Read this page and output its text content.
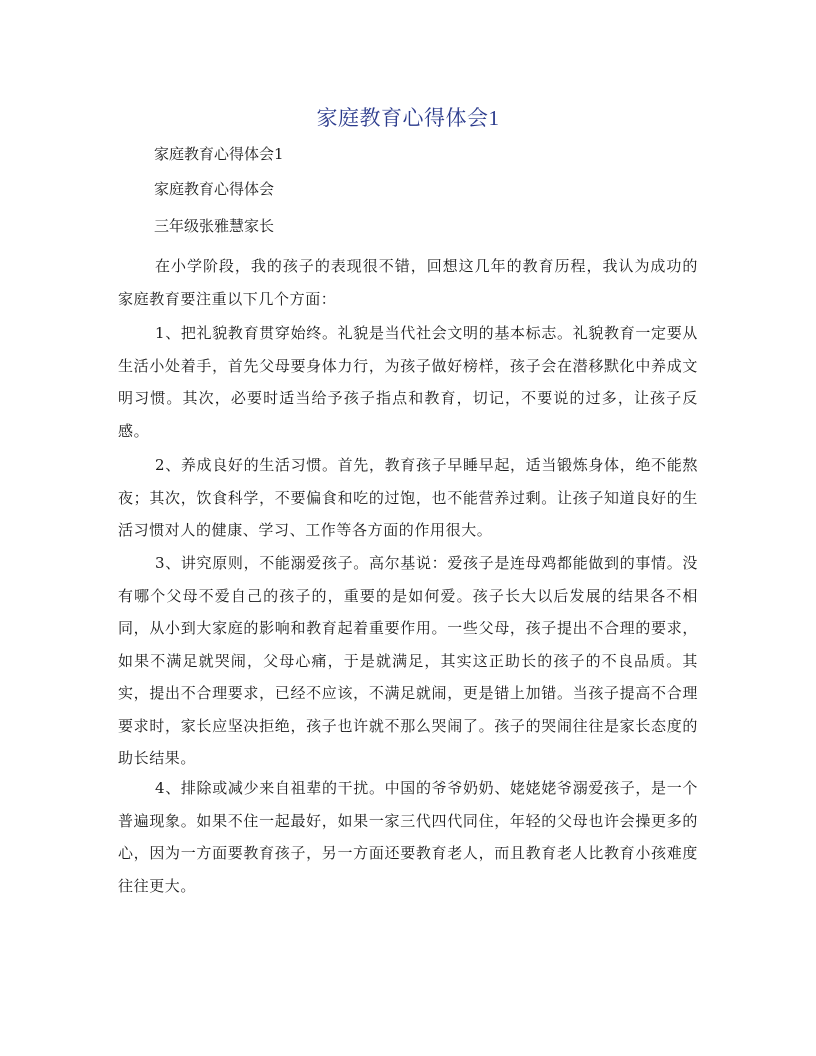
家庭教育心得体会1

家庭教育心得体会1

家庭教育心得体会

三年级张雅慧家长

在小学阶段，我的孩子的表现很不错，回想这几年的教育历程，我认为成功的家庭教育要注重以下几个方面：

1、把礼貌教育贯穿始终。礼貌是当代社会文明的基本标志。礼貌教育一定要从生活小处着手，首先父母要身体力行，为孩子做好榜样，孩子会在潜移默化中养成文明习惯。其次，必要时适当给予孩子指点和教育，切记，不要说的过多，让孩子反感。

2、养成良好的生活习惯。首先，教育孩子早睡早起，适当锻炼身体，绝不能熬夜；其次，饮食科学，不要偏食和吃的过饱，也不能营养过剩。让孩子知道良好的生活习惯对人的健康、学习、工作等各方面的作用很大。

3、讲究原则，不能溺爱孩子。高尔基说：爱孩子是连母鸡都能做到的事情。没有哪个父母不爱自己的孩子的，重要的是如何爱。孩子长大以后发展的结果各不相同，从小到大家庭的影响和教育起着重要作用。一些父母，孩子提出不合理的要求，如果不满足就哭闹，父母心痛，于是就满足，其实这正助长的孩子的不良品质。其实，提出不合理要求，已经不应该，不满足就闹，更是错上加错。当孩子提高不合理要求时，家长应坚决拒绝，孩子也许就不那么哭闹了。孩子的哭闹往往是家长态度的助长结果。

4、排除或减少来自祖辈的干扰。中国的爷爷奶奶、姥姥姥爷溺爱孩子，是一个普遍现象。如果不住一起最好，如果一家三代四代同住，年轻的父母也许会操更多的心，因为一方面要教育孩子，另一方面还要教育老人，而且教育老人比教育小孩难度往往更大。
